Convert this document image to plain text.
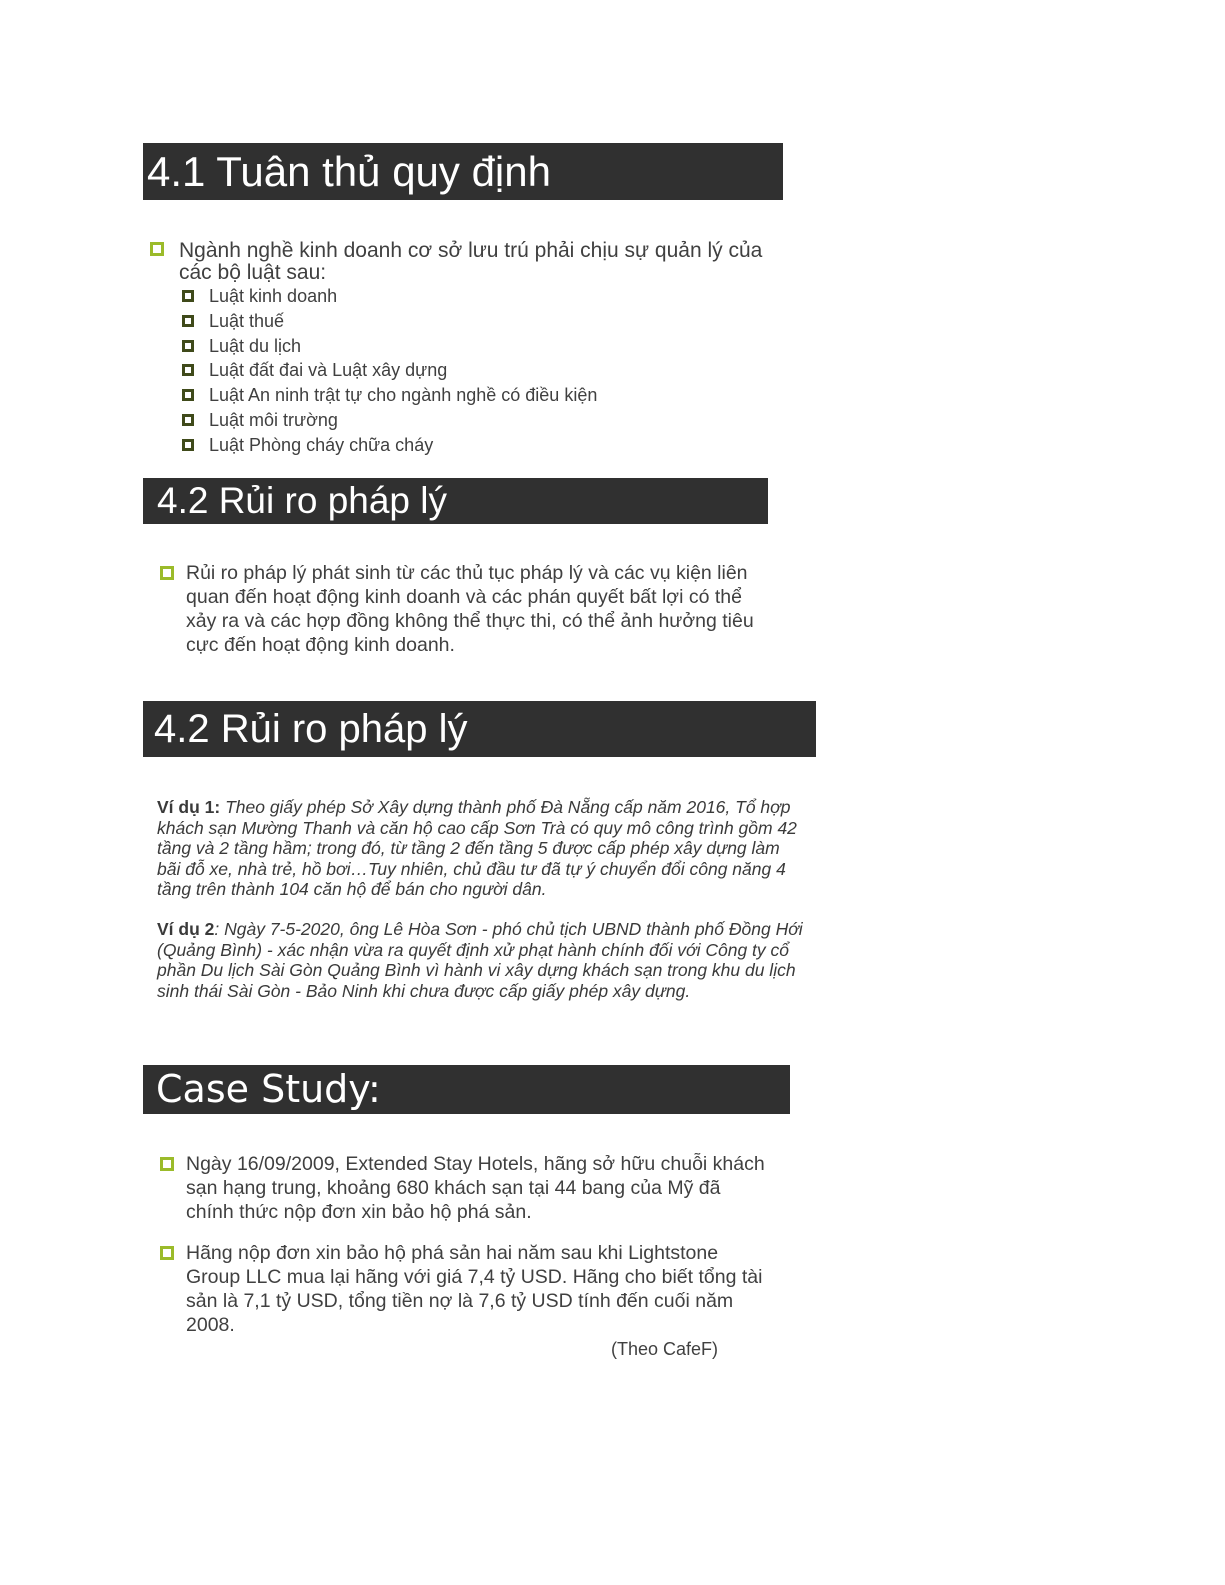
4.1 Tuân thủ quy định
Ngành nghề kinh doanh cơ sở lưu trú phải chịu sự quản lý của các bộ luật sau:
Luật kinh doanh
Luật thuế
Luật du lịch
Luật đất đai và Luật xây dựng
Luật An ninh trật tự cho ngành nghề có điều kiện
Luật môi trường
Luật Phòng cháy chữa cháy
4.2 Rủi ro pháp lý
Rủi ro pháp lý phát sinh từ các thủ tục pháp lý và các vụ kiện liên quan đến hoạt động kinh doanh và các phán quyết bất lợi có thể xảy ra và các hợp đồng không thể thực thi, có thể ảnh hưởng tiêu cực đến hoạt động kinh doanh.
4.2 Rủi ro pháp lý
Ví dụ 1: Theo giấy phép Sở Xây dựng thành phố Đà Nẵng cấp năm 2016, Tổ hợp khách sạn Mường Thanh và căn hộ cao cấp Sơn Trà có quy mô công trình gồm 42 tầng và 2 tầng hầm; trong đó, từ tầng 2 đến tầng 5 được cấp phép xây dựng làm bãi đỗ xe, nhà trẻ, hồ bơi…Tuy nhiên, chủ đầu tư đã tự ý chuyển đổi công năng 4 tầng trên thành 104 căn hộ để bán cho người dân.
Ví dụ 2: Ngày 7-5-2020, ông Lê Hòa Sơn - phó chủ tịch UBND thành phố Đồng Hới (Quảng Bình) - xác nhận vừa ra quyết định xử phạt hành chính đối với Công ty cổ phần Du lịch Sài Gòn Quảng Bình vì hành vi xây dựng khách sạn trong khu du lịch sinh thái Sài Gòn - Bảo Ninh khi chưa được cấp giấy phép xây dựng.
Case Study:
Ngày 16/09/2009, Extended Stay Hotels, hãng sở hữu chuỗi khách sạn hạng trung, khoảng 680 khách sạn tại 44 bang của Mỹ đã chính thức nộp đơn xin bảo hộ phá sản.
Hãng nộp đơn xin bảo hộ phá sản hai năm sau khi Lightstone Group LLC mua lại hãng với giá 7,4 tỷ USD. Hãng cho biết tổng tài sản là 7,1 tỷ USD, tổng tiền nợ là 7,6 tỷ USD tính đến cuối năm 2008.
(Theo CafeF)
